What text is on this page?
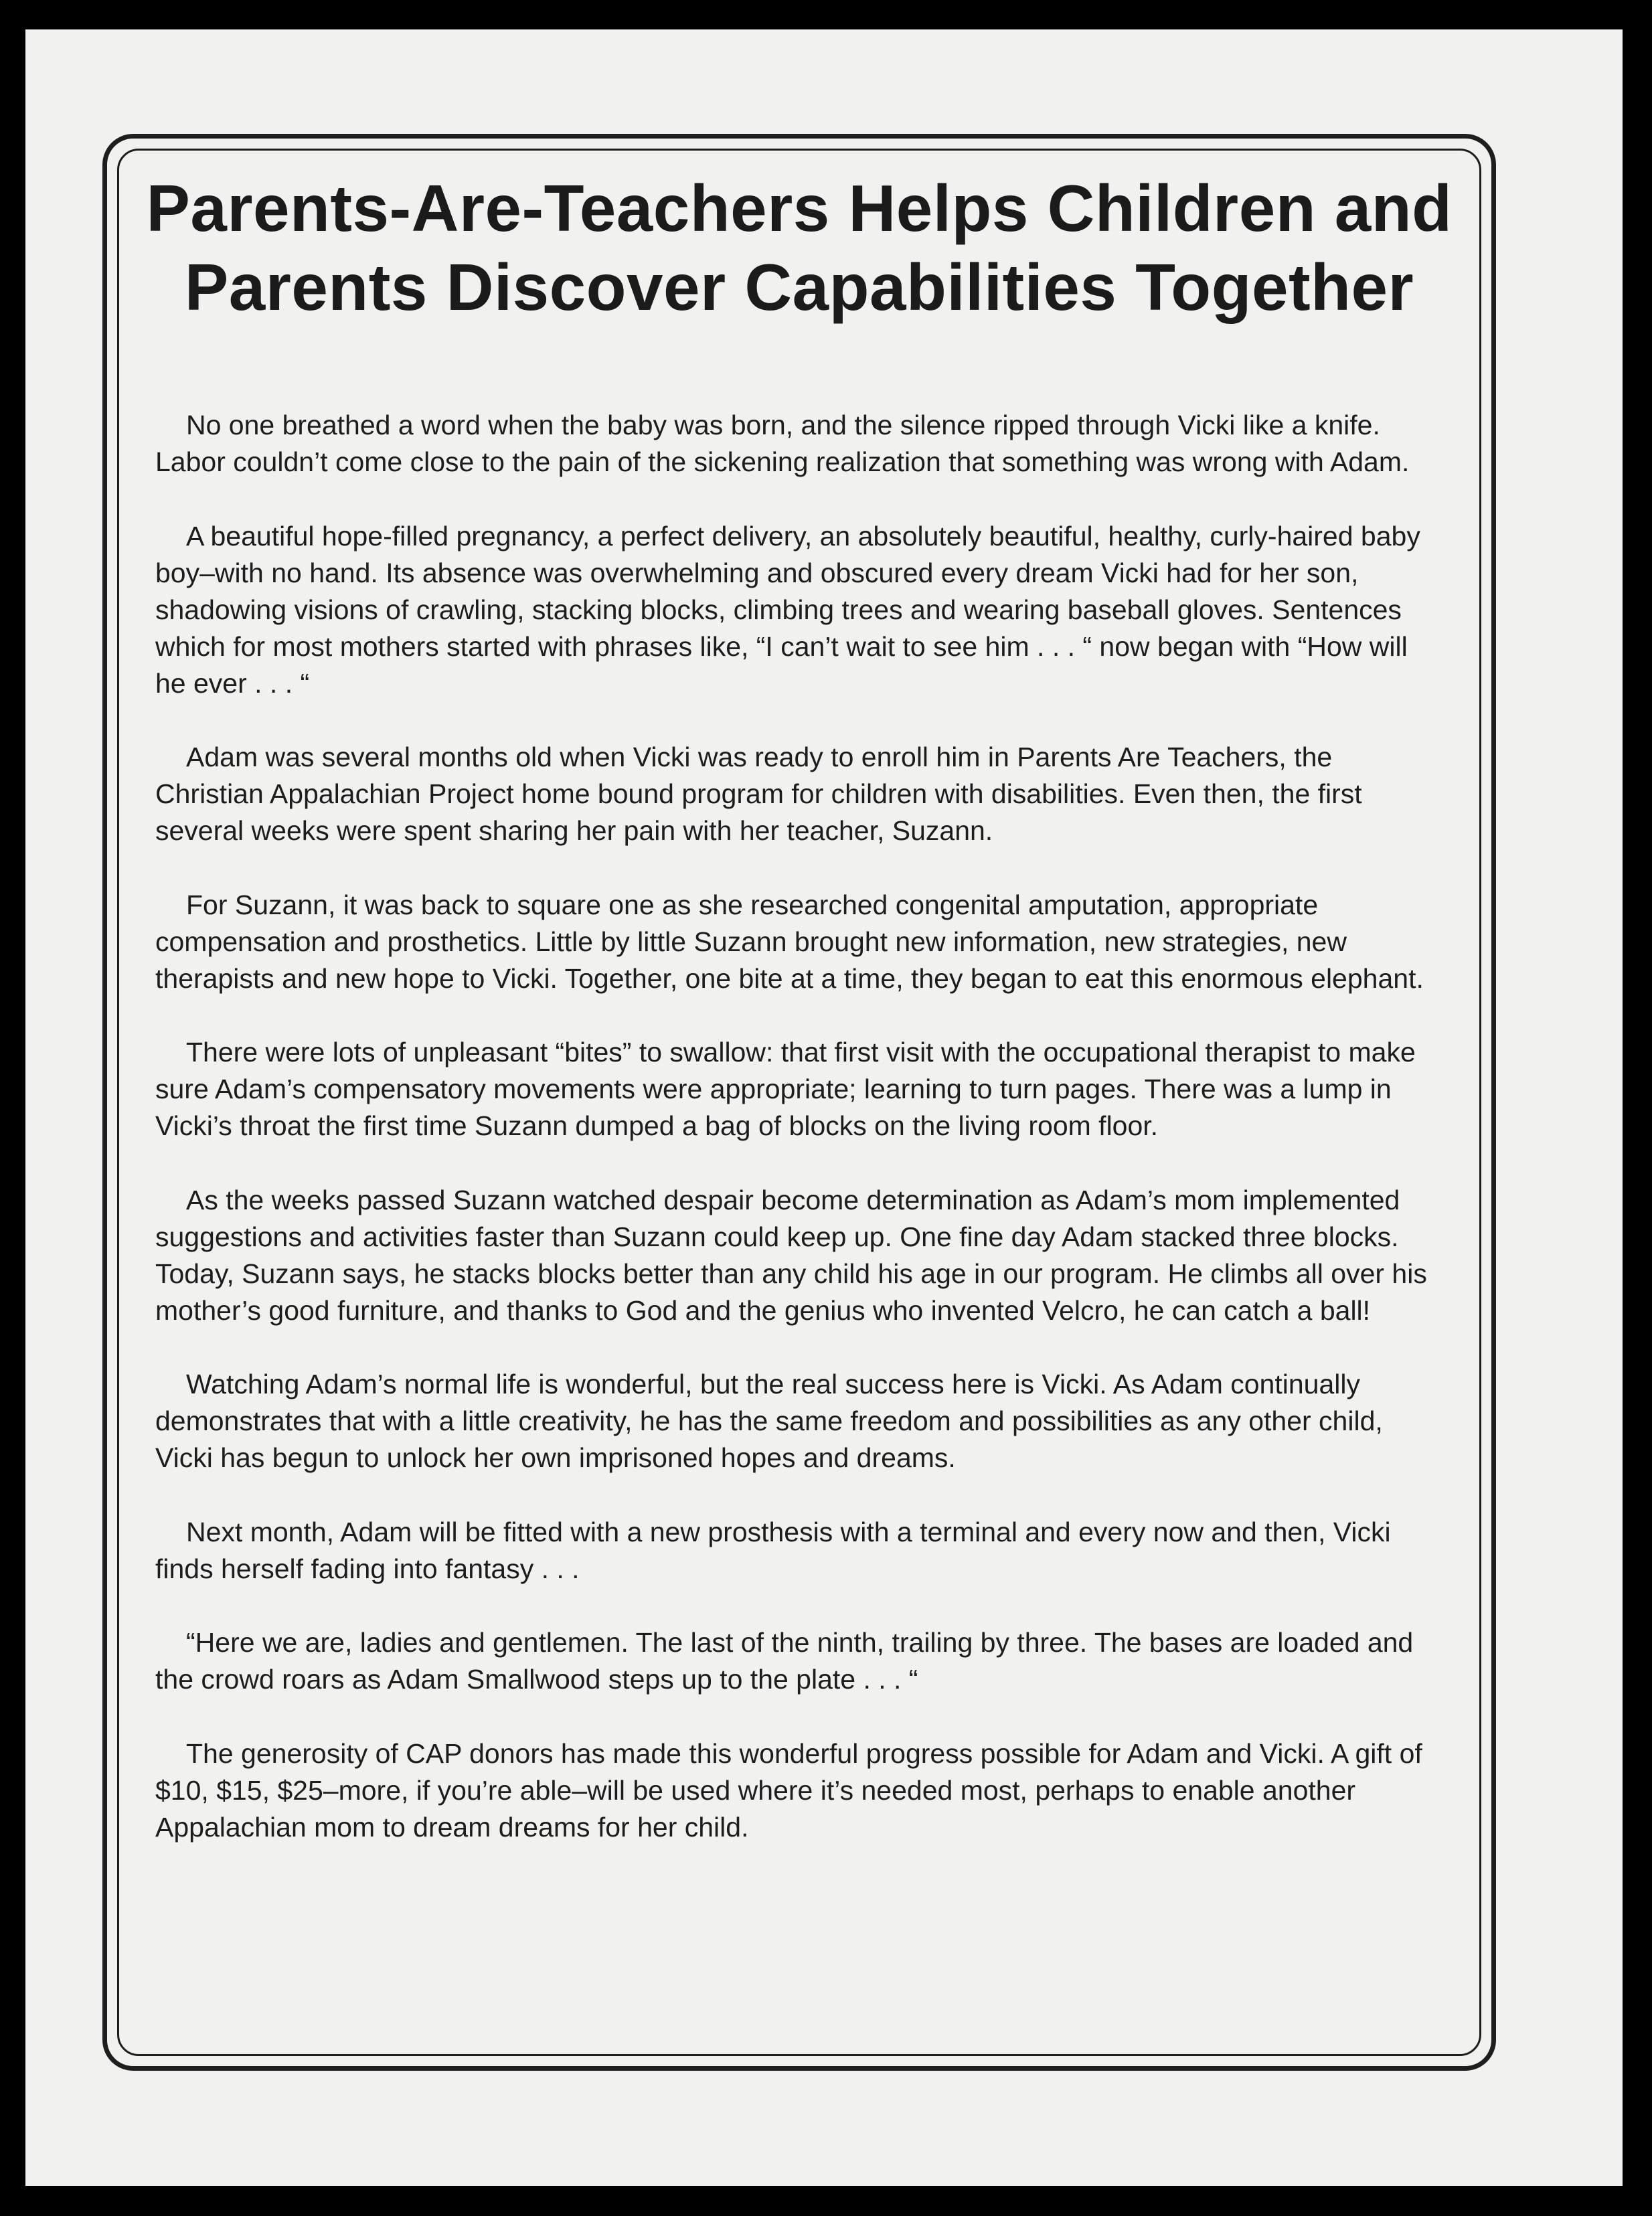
Parents-Are-Teachers Helps Children and Parents Discover Capabilities Together

No one breathed a word when the baby was born, and the silence ripped through Vicki like a knife. Labor couldn’t come close to the pain of the sickening realization that something was wrong with Adam.

A beautiful hope-filled pregnancy, a perfect delivery, an absolutely beautiful, healthy, curly-haired baby boy–with no hand. Its absence was overwhelming and obscured every dream Vicki had for her son, shadowing visions of crawling, stacking blocks, climbing trees and wearing baseball gloves. Sentences which for most mothers started with phrases like, “I can’t wait to see him . . . “ now began with “How will he ever . . . “

Adam was several months old when Vicki was ready to enroll him in Parents Are Teachers, the Christian Appalachian Project home bound program for children with disabilities. Even then, the first several weeks were spent sharing her pain with her teacher, Suzann.

For Suzann, it was back to square one as she researched congenital amputation, appropriate compensation and prosthetics. Little by little Suzann brought new information, new strategies, new therapists and new hope to Vicki. Together, one bite at a time, they began to eat this enormous elephant.

There were lots of unpleasant “bites” to swallow: that first visit with the occupational therapist to make sure Adam’s compensatory movements were appropriate; learning to turn pages. There was a lump in Vicki’s throat the first time Suzann dumped a bag of blocks on the living room floor.

As the weeks passed Suzann watched despair become determination as Adam’s mom implemented suggestions and activities faster than Suzann could keep up. One fine day Adam stacked three blocks. Today, Suzann says, he stacks blocks better than any child his age in our program. He climbs all over his mother’s good furniture, and thanks to God and the genius who invented Velcro, he can catch a ball!

Watching Adam’s normal life is wonderful, but the real success here is Vicki. As Adam continually demonstrates that with a little creativity, he has the same freedom and possibilities as any other child, Vicki has begun to unlock her own imprisoned hopes and dreams.

Next month, Adam will be fitted with a new prosthesis with a terminal and every now and then, Vicki finds herself fading into fantasy . . .

“Here we are, ladies and gentlemen. The last of the ninth, trailing by three. The bases are loaded and the crowd roars as Adam Smallwood steps up to the plate . . . “

The generosity of CAP donors has made this wonderful progress possible for Adam and Vicki. A gift of $10, $15, $25–more, if you’re able–will be used where it’s needed most, perhaps to enable another Appalachian mom to dream dreams for her child.
